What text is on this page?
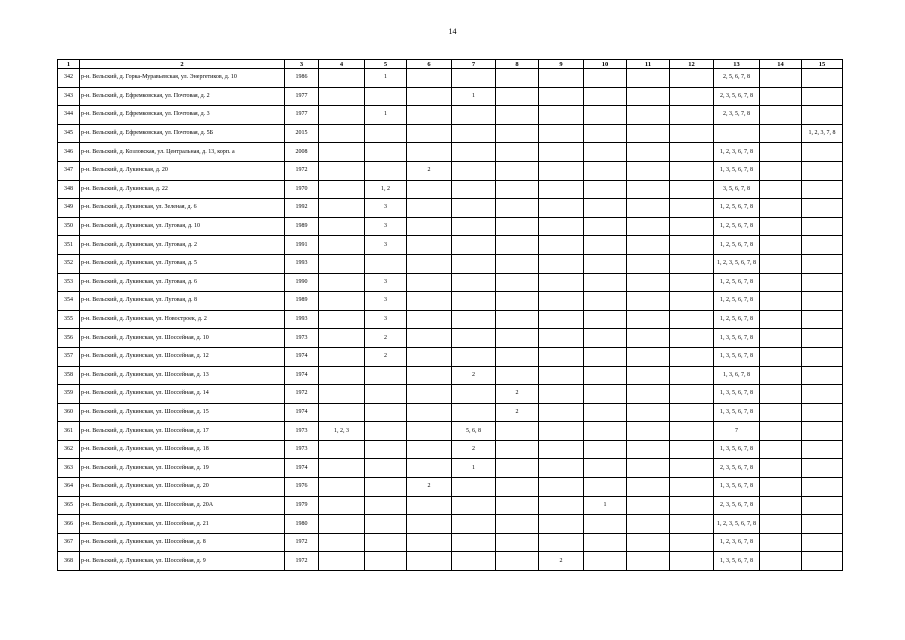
14
1	2	3	4	5	6	7	8	9	10	11	12	13	14	15
342	р-н. Вельский, д. Горка-Муравьевская, ул. Энергетиков, д. 10	1986		1								2, 5, 6, 7, 8		
343	р-н. Вельский, д. Ефремковская, ул. Почтовая, д. 2	1977				1						2, 3, 5, 6, 7, 8		
344	р-н. Вельский, д. Ефремковская, ул. Почтовая, д. 3	1977		1								2, 3, 5, 7, 8		
345	р-н. Вельский, д. Ефремковская, ул. Почтовая, д. 5Б	2015												1, 2, 3, 7, 8
346	р-н. Вельский, д. Козловская, ул. Центральная, д. 13, корп. а	2008										1, 2, 3, 6, 7, 8		
347	р-н. Вельский, д. Лукинская, д. 20	1972			2							1, 3, 5, 6, 7, 8		
348	р-н. Вельский, д. Лукинская, д. 22	1970		1, 2								3, 5, 6, 7, 8		
349	р-н. Вельский, д. Лукинская, ул. Зеленая, д. 6	1992		3								1, 2, 5, 6, 7, 8		
350	р-н. Вельский, д. Лукинская, ул. Луговая, д. 10	1989		3								1, 2, 5, 6, 7, 8		
351	р-н. Вельский, д. Лукинская, ул. Луговая, д. 2	1991		3								1, 2, 5, 6, 7, 8		
352	р-н. Вельский, д. Лукинская, ул. Луговая, д. 5	1993										1, 2, 3, 5, 6, 7, 8		
353	р-н. Вельский, д. Лукинская, ул. Луговая, д. 6	1990		3								1, 2, 5, 6, 7, 8		
354	р-н. Вельский, д. Лукинская, ул. Луговая, д. 8	1989		3								1, 2, 5, 6, 7, 8		
355	р-н. Вельский, д. Лукинская, ул. Новостроек, д. 2	1993		3								1, 2, 5, 6, 7, 8		
356	р-н. Вельский, д. Лукинская, ул. Шоссейная, д. 10	1973		2								1, 3, 5, 6, 7, 8		
357	р-н. Вельский, д. Лукинская, ул. Шоссейная, д. 12	1974		2								1, 3, 5, 6, 7, 8		
358	р-н. Вельский, д. Лукинская, ул. Шоссейная, д. 13	1974				2						1, 3, 6, 7, 8		
359	р-н. Вельский, д. Лукинская, ул. Шоссейная, д. 14	1972					2					1, 3, 5, 6, 7, 8		
360	р-н. Вельский, д. Лукинская, ул. Шоссейная, д. 15	1974					2					1, 3, 5, 6, 7, 8		
361	р-н. Вельский, д. Лукинская, ул. Шоссейная, д. 17	1973	1, 2, 3			5, 6, 8						7		
362	р-н. Вельский, д. Лукинская, ул. Шоссейная, д. 18	1973				2						1, 3, 5, 6, 7, 8		
363	р-н. Вельский, д. Лукинская, ул. Шоссейная, д. 19	1974				1						2, 3, 5, 6, 7, 8		
364	р-н. Вельский, д. Лукинская, ул. Шоссейная, д. 20	1976			2							1, 3, 5, 6, 7, 8		
365	р-н. Вельский, д. Лукинская, ул. Шоссейная, д. 20А	1979							1			2, 3, 5, 6, 7, 8		
366	р-н. Вельский, д. Лукинская, ул. Шоссейная, д. 21	1980										1, 2, 3, 5, 6, 7, 8		
367	р-н. Вельский, д. Лукинская, ул. Шоссейная, д. 8	1972										1, 2, 3, 6, 7, 8		
368	р-н. Вельский, д. Лукинская, ул. Шоссейная, д. 9	1972						2				1, 3, 5, 6, 7, 8		
